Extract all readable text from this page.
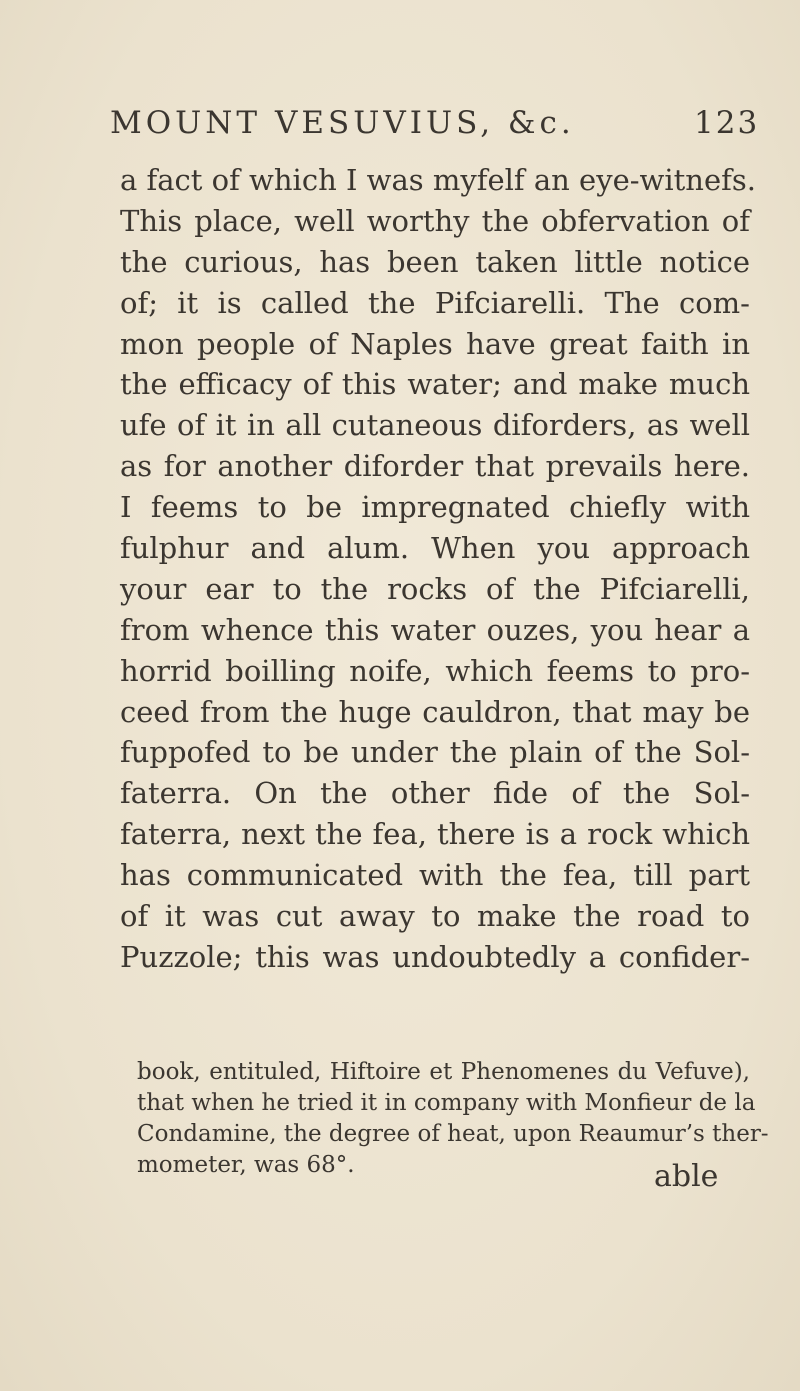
MOUNT VESUVIUS, &c.	123
a fact of which I was myfelf an eye-witnefs.
This place, well worthy the obfervation of
the curious, has been taken little notice
of; it is called the Pifciarelli. The com-
mon people of Naples have great faith in
the efficacy of this water; and make much
ufe of it in all cutaneous diforders, as well
as for another diforder that prevails here.
I feems to be impregnated chiefly with
fulphur and alum. When you approach
your ear to the rocks of the Pifciarelli,
from whence this water ouzes, you hear a
horrid boilling noife, which feems to pro-
ceed from the huge cauldron, that may be
fuppofed to be under the plain of the Sol-
faterra. On the other fide of the Sol-
faterra, next the fea, there is a rock which
has communicated with the fea, till part
of it was cut away to make the road to
Puzzole; this was undoubtedly a confider-
book, entituled, Hiftoire et Phenomenes du Vefuve),
that when he tried it in company with Monfieur de la
Condamine, the degree of heat, upon Reaumur’s ther-
mometer, was 68°.	able
